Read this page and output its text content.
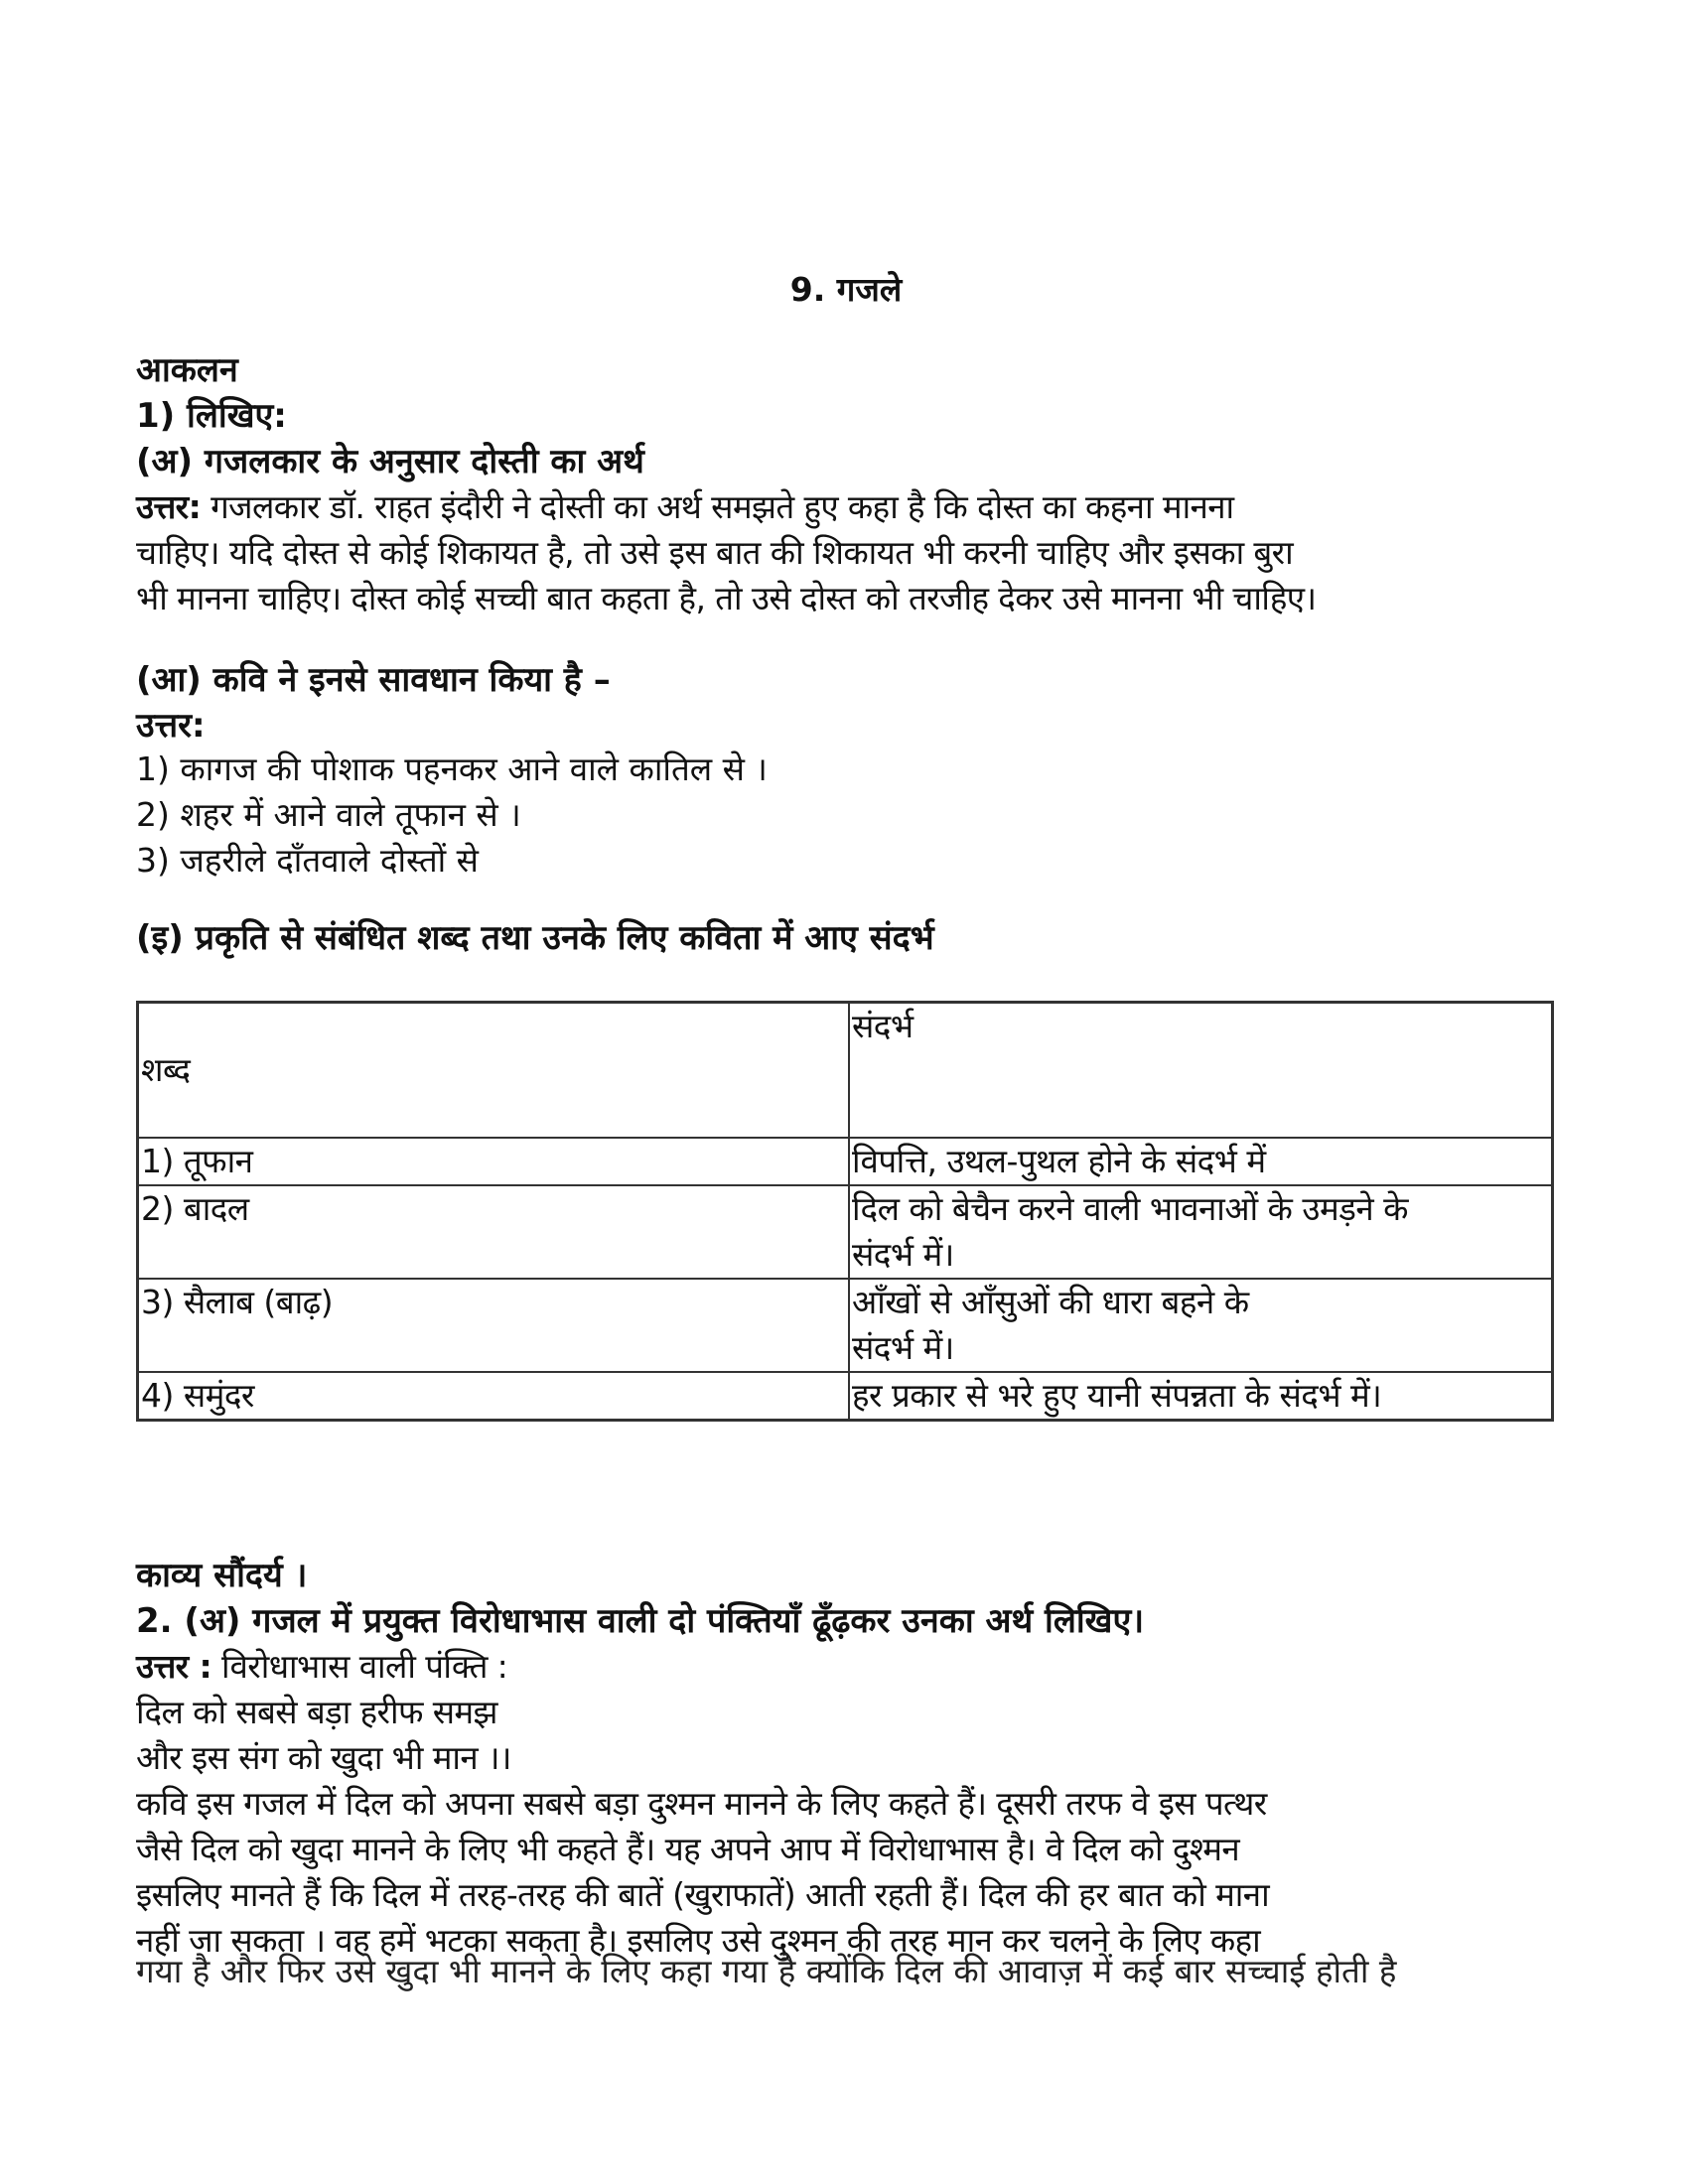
9. गजले

आकलन

1) लिखिए:

(अ) गजलकार के अनुसार दोस्ती का अर्थ

उत्तर: गजलकार डॉ. राहत इंदौरी ने दोस्ती का अर्थ समझते हुए कहा है कि दोस्त का कहना मानना

चाहिए। यदि दोस्त से कोई शिकायत है, तो उसे इस बात की शिकायत भी करनी चाहिए और इसका बुरा

भी मानना चाहिए। दोस्त कोई सच्ची बात कहता है, तो उसे दोस्त को तरजीह देकर उसे मानना भी चाहिए।

(आ) कवि ने इनसे सावधान किया है –

उत्तर:

1) कागज की पोशाक पहनकर आने वाले कातिल से ।

2) शहर में आने वाले तूफान से ।

3) जहरीले दाँतवाले दोस्तों से

(इ) प्रकृति से संबंधित शब्द तथा उनके लिए कविता में आए संदर्भ

शब्द	संदर्भ
1) तूफान	विपत्ति, उथल-पुथल होने के संदर्भ में
2) बादल	दिल को बेचैन करने वाली भावनाओं के उमड़ने के
संदर्भ में।

3) सैलाब (बाढ़)	आँखों से आँसुओं की धारा बहने के
संदर्भ में।

4) समुंदर	हर प्रकार से भरे हुए यानी संपन्नता के संदर्भ में।

काव्य सौंदर्य ।

2. (अ) गजल में प्रयुक्त विरोधाभास वाली दो पंक्तियाँ ढूँढ़कर उनका अर्थ लिखिए।

उत्तर : विरोधाभास वाली पंक्ति :

दिल को सबसे बड़ा हरीफ समझ

और इस संग को खुदा भी मान ।।

कवि इस गजल में दिल को अपना सबसे बड़ा दुश्मन मानने के लिए कहते हैं। दूसरी तरफ वे इस पत्थर

जैसे दिल को खुदा मानने के लिए भी कहते हैं। यह अपने आप में विरोधाभास है। वे दिल को दुश्मन

इसलिए मानते हैं कि दिल में तरह-तरह की बातें (खुराफातें) आती रहती हैं। दिल की हर बात को माना

नहीं जा सकता । वह हमें भटका सकता है। इसलिए उसे दुश्मन की तरह मान कर चलने के लिए कहा

गया है और फिर उसे खुदा भी मानने के लिए कहा गया है क्योंकि दिल की आवाज़ में कई बार सच्चाई होती है
